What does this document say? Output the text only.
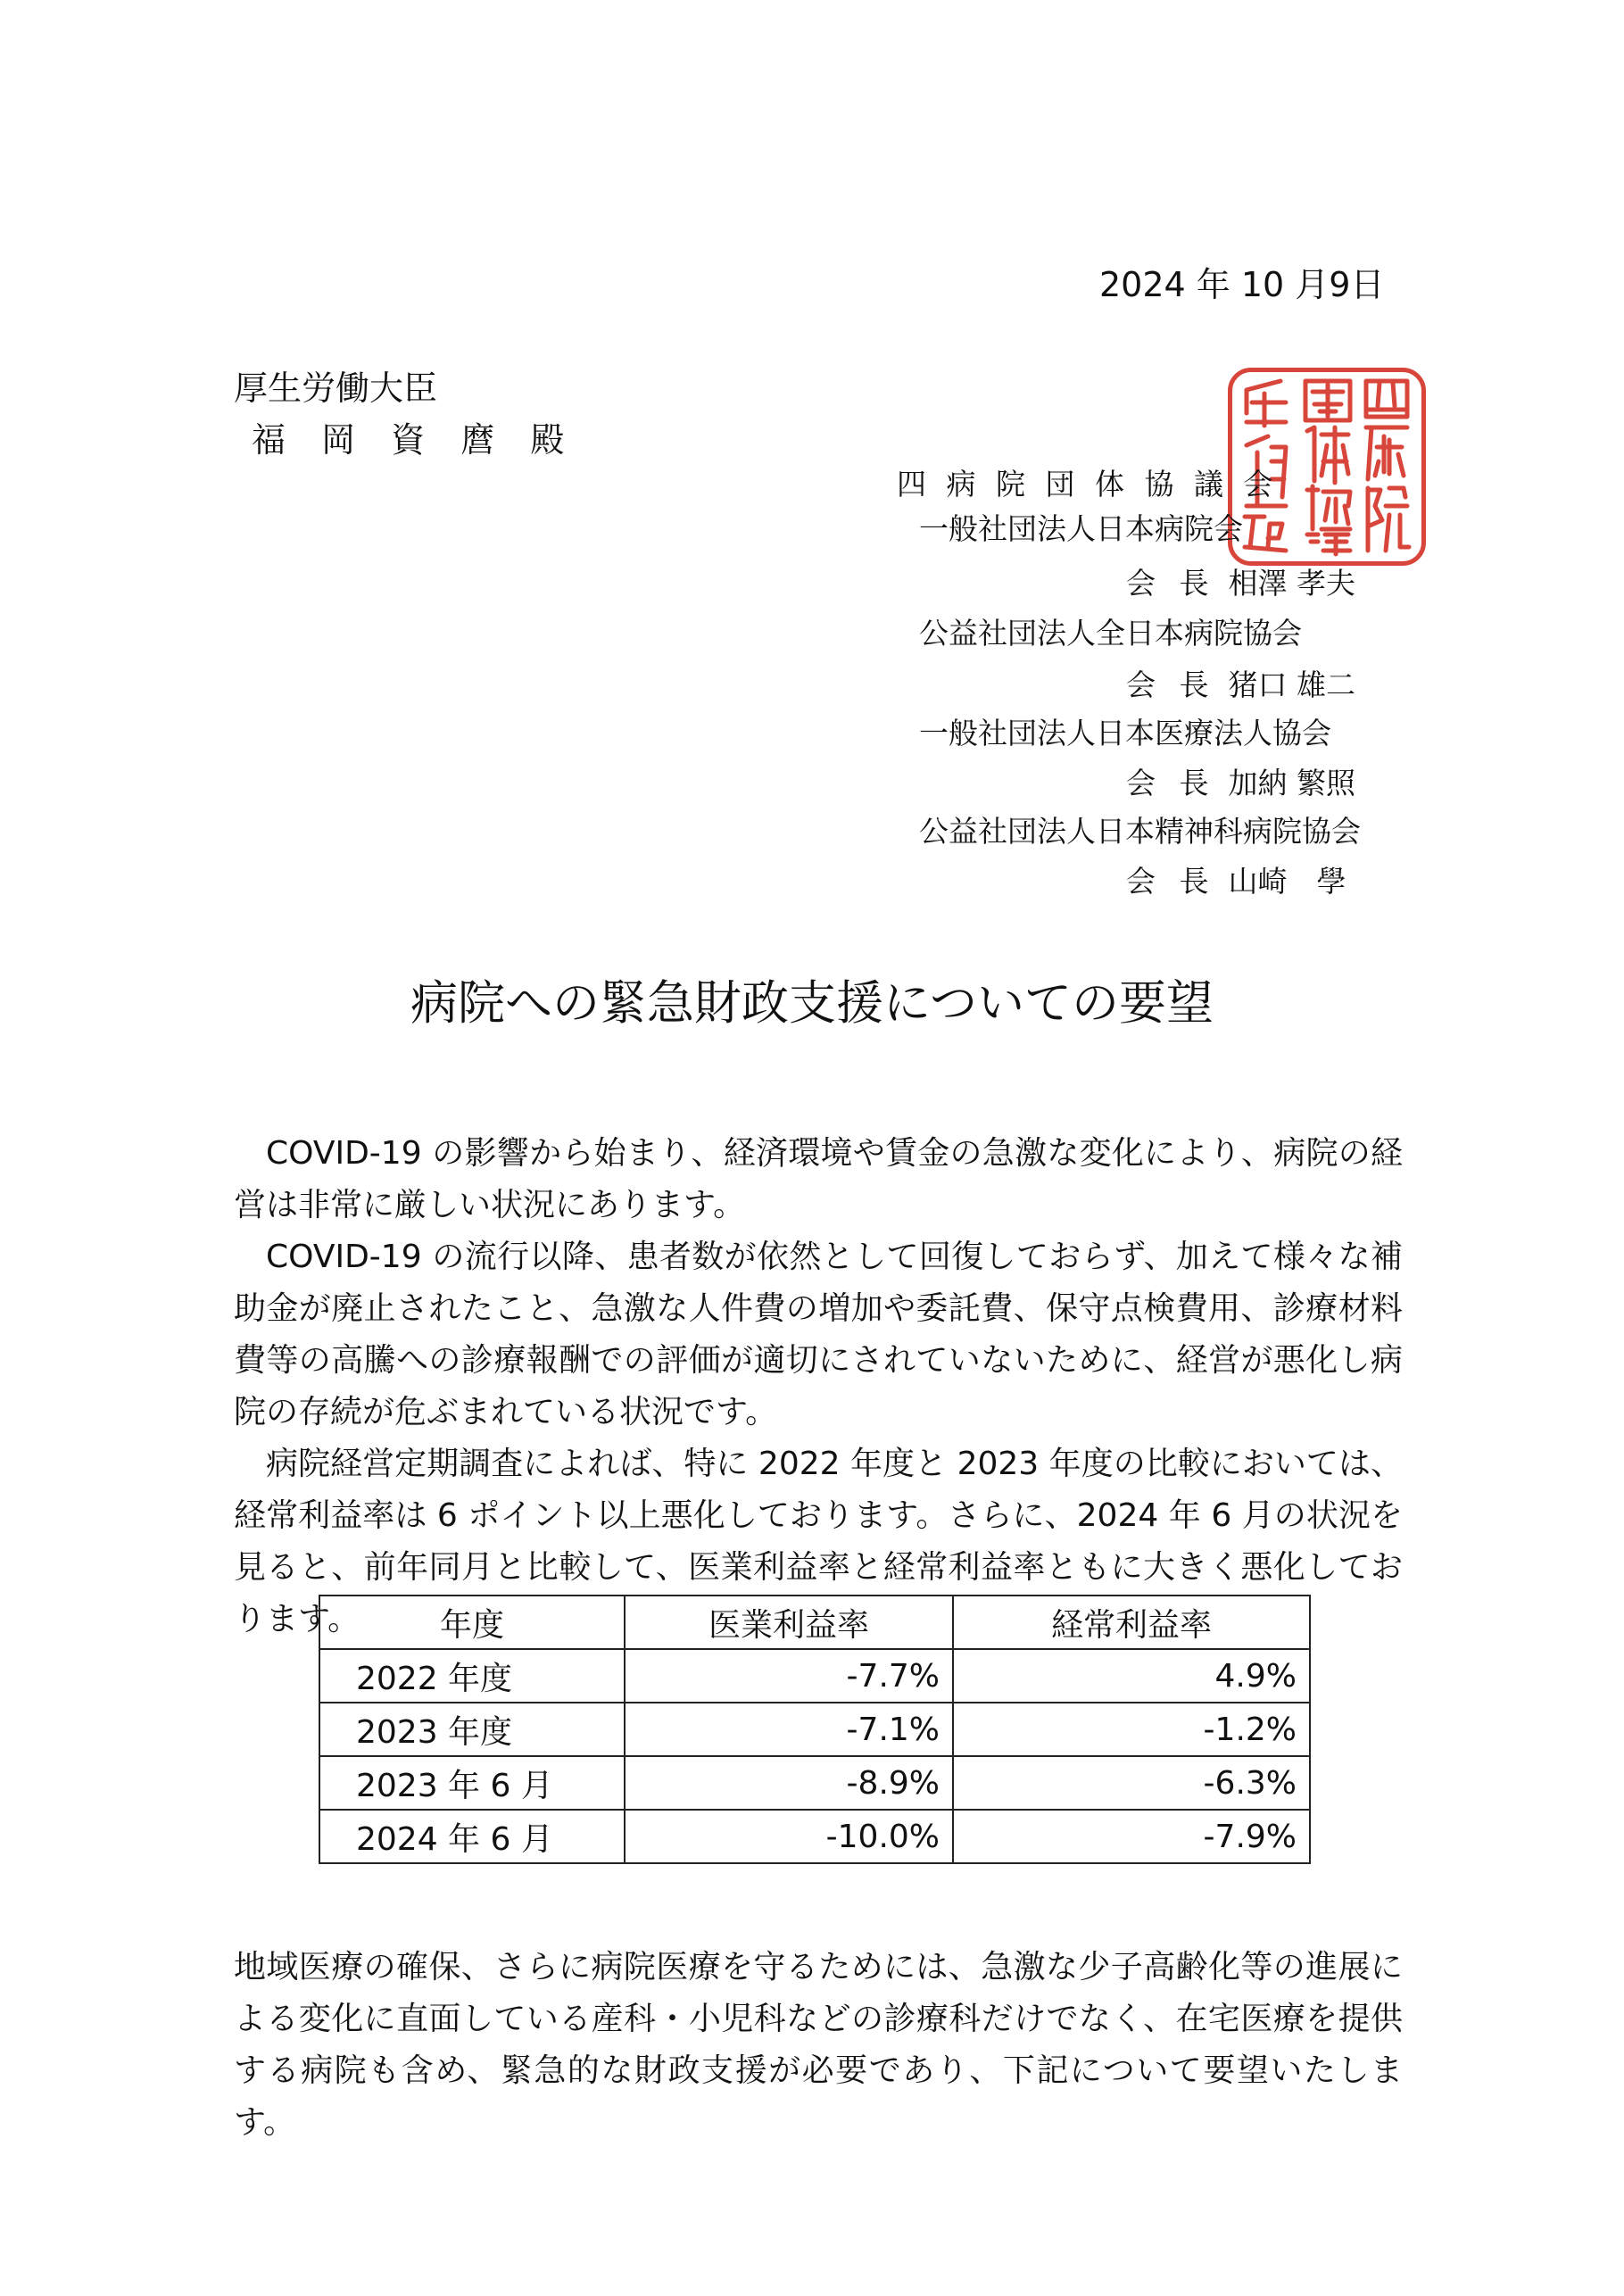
2024 年 10 月9日
厚生労働大臣
福 岡 資 麿 殿
四 病 院 団 体 協 議 会
一般社団法人日本病院会
会 長 相澤 孝夫
公益社団法人全日本病院協会
会 長 猪口 雄二
一般社団法人日本医療法人協会
会 長 加納 繁照
公益社団法人日本精神科病院協会
会 長 山崎　學
病院への緊急財政支援についての要望

COVID-19 の影響から始まり、経済環境や賃金の急激な変化により、病院の経営は非常に厳しい状況にあります。

COVID-19 の流行以降、患者数が依然として回復しておらず、加えて様々な補助金が廃止されたこと、急激な人件費の増加や委託費、保守点検費用、診療材料費等の高騰への診療報酬での評価が適切にされていないために、経営が悪化し病院の存続が危ぶまれている状況です。

病院経営定期調査によれば、特に 2022 年度と 2023 年度の比較においては、経常利益率は 6 ポイント以上悪化しております。さらに、2024 年 6 月の状況を見ると、前年同月と比較して、医業利益率と経常利益率ともに大きく悪化しております。	年度	医業利益率	経常利益率
2022 年度	-7.7%	4.9%
2023 年度	-7.1%	-1.2%
2023 年 6 月	-8.9%	-6.3%
2024 年 6 月	-10.0%	-7.9%

地域医療の確保、さらに病院医療を守るためには、急激な少子高齢化等の進展による変化に直面している産科・小児科などの診療科だけでなく、在宅医療を提供する病院も含め、緊急的な財政支援が必要であり、下記について要望いたします。
